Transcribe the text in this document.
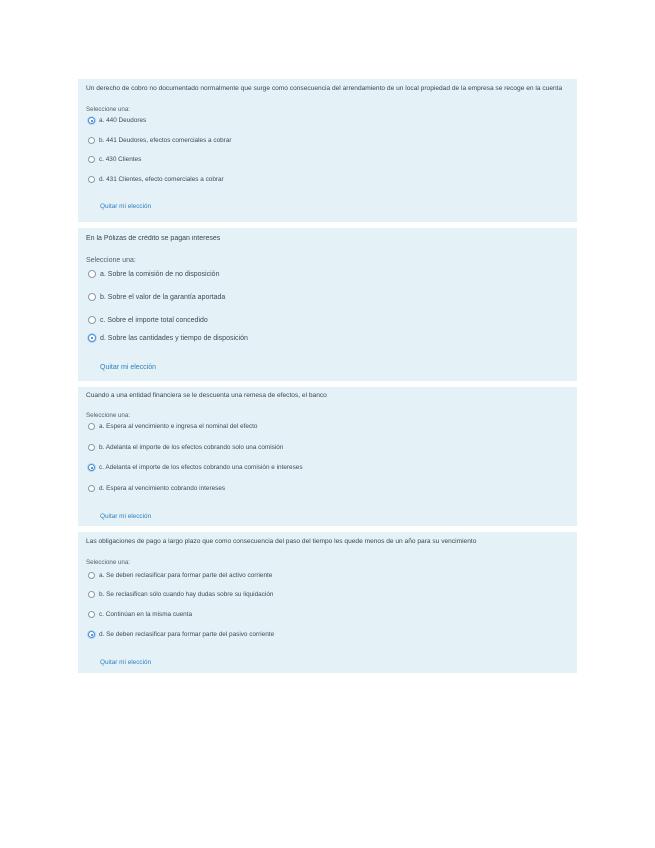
Un derecho de cobro no documentado normalmente que surge como consecuencia del arrendamiento de un local propiedad de la empresa se recoge en la cuenta
Seleccione una:
a. 440 Deudores
b. 441 Deudores, efectos comerciales a cobrar
c. 430 Clientes
d. 431 Clientes, efecto comerciales a cobrar
Quitar mi elección
En la Pólizas de crédito se pagan intereses
Seleccione una:
a. Sobre la comisión de no disposición
b. Sobre el valor de la garantía aportada
c. Sobre el importe total concedido
d. Sobre las cantidades y tiempo de disposición
Quitar mi elección
Cuando a una entidad financiera se le descuenta una remesa de efectos, el banco
Seleccione una:
a. Espera al vencimiento e ingresa el nominal del efecto
b. Adelanta el importe de los efectos cobrando solo una comisión
c. Adelanta el importe de los efectos cobrando una comisión e intereses
d. Espera al vencimiento cobrando intereses
Quitar mi elección
Las obligaciones de pago a largo plazo que como consecuencia del paso del tiempo les quede menos de un año para su vencimiento
Seleccione una:
a. Se deben reclasificar para formar parte del activo corriente
b. Se reclasifican sólo cuando hay dudas sobre su liquidación
c. Continúan en la misma cuenta
d. Se deben reclasificar para formar parte del pasivo corriente
Quitar mi elección
